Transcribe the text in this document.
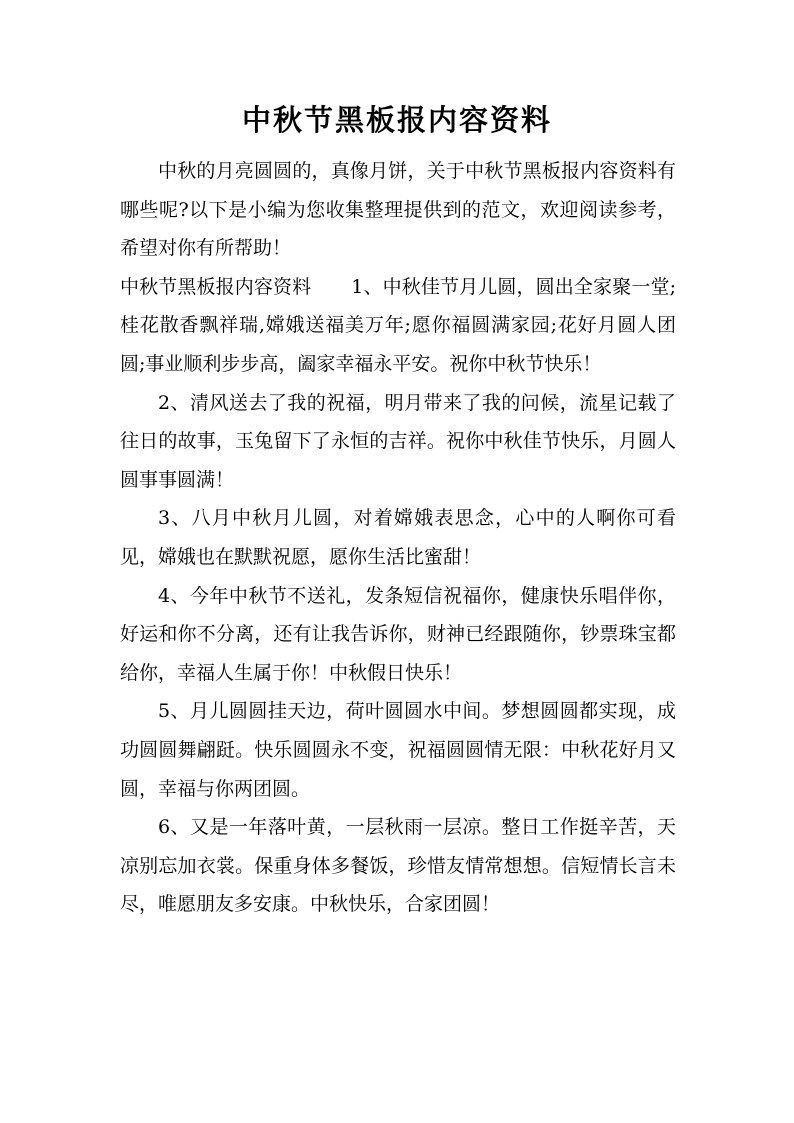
中秋节黑板报内容资料

中秋的月亮圆圆的，真像月饼，关于中秋节黑板报内容资料有哪些呢?以下是小编为您收集整理提供到的范文，欢迎阅读参考，希望对你有所帮助！

中秋节黑板报内容资料 1、中秋佳节月儿圆，圆出全家聚一堂;桂花散香飘祥瑞,嫦娥送福美万年;愿你福圆满家园;花好月圆人团圆;事业顺利步步高，阖家幸福永平安。祝你中秋节快乐！

2、清风送去了我的祝福，明月带来了我的问候，流星记载了往日的故事，玉兔留下了永恒的吉祥。祝你中秋佳节快乐，月圆人圆事事圆满！

3、八月中秋月儿圆，对着嫦娥表思念，心中的人啊你可看见，嫦娥也在默默祝愿，愿你生活比蜜甜！

4、今年中秋节不送礼，发条短信祝福你，健康快乐唱伴你，好运和你不分离，还有让我告诉你，财神已经跟随你，钞票珠宝都给你，幸福人生属于你！中秋假日快乐！

5、月儿圆圆挂天边，荷叶圆圆水中间。梦想圆圆都实现，成功圆圆舞翩跹。快乐圆圆永不变，祝福圆圆情无限：中秋花好月又圆，幸福与你两团圆。

6、又是一年落叶黄，一层秋雨一层凉。整日工作挺辛苦，天凉别忘加衣裳。保重身体多餐饭，珍惜友情常想想。信短情长言未尽，唯愿朋友多安康。中秋快乐，合家团圆！
